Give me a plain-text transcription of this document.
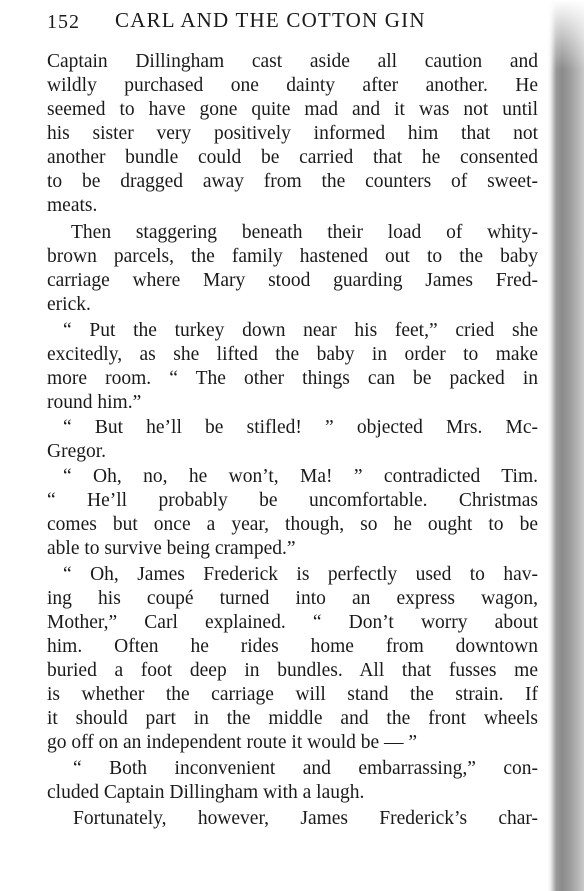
152 CARL AND THE COTTON GIN
Captain Dillingham cast aside all caution and
wildly purchased one dainty after another. He
seemed to have gone quite mad and it was not until
his sister very positively informed him that not
another bundle could be carried that he consented
to be dragged away from the counters of sweet-
meats.
Then staggering beneath their load of whity-
brown parcels, the family hastened out to the baby
carriage where Mary stood guarding James Fred-
erick.
“ Put the turkey down near his feet,” cried she
excitedly, as she lifted the baby in order to make
more room. “ The other things can be packed in
round him.”
“ But he’ll be stifled! ” objected Mrs. Mc-
Gregor.
“ Oh, no, he won’t, Ma! ” contradicted Tim.
“ He’ll probably be uncomfortable. Christmas
comes but once a year, though, so he ought to be
able to survive being cramped.”
“ Oh, James Frederick is perfectly used to hav-
ing his coupé turned into an express wagon,
Mother,” Carl explained. “ Don’t worry about
him. Often he rides home from downtown
buried a foot deep in bundles. All that fusses me
is whether the carriage will stand the strain. If
it should part in the middle and the front wheels
go off on an independent route it would be — ”
“ Both inconvenient and embarrassing,” con-
cluded Captain Dillingham with a laugh.
Fortunately, however, James Frederick’s char-
